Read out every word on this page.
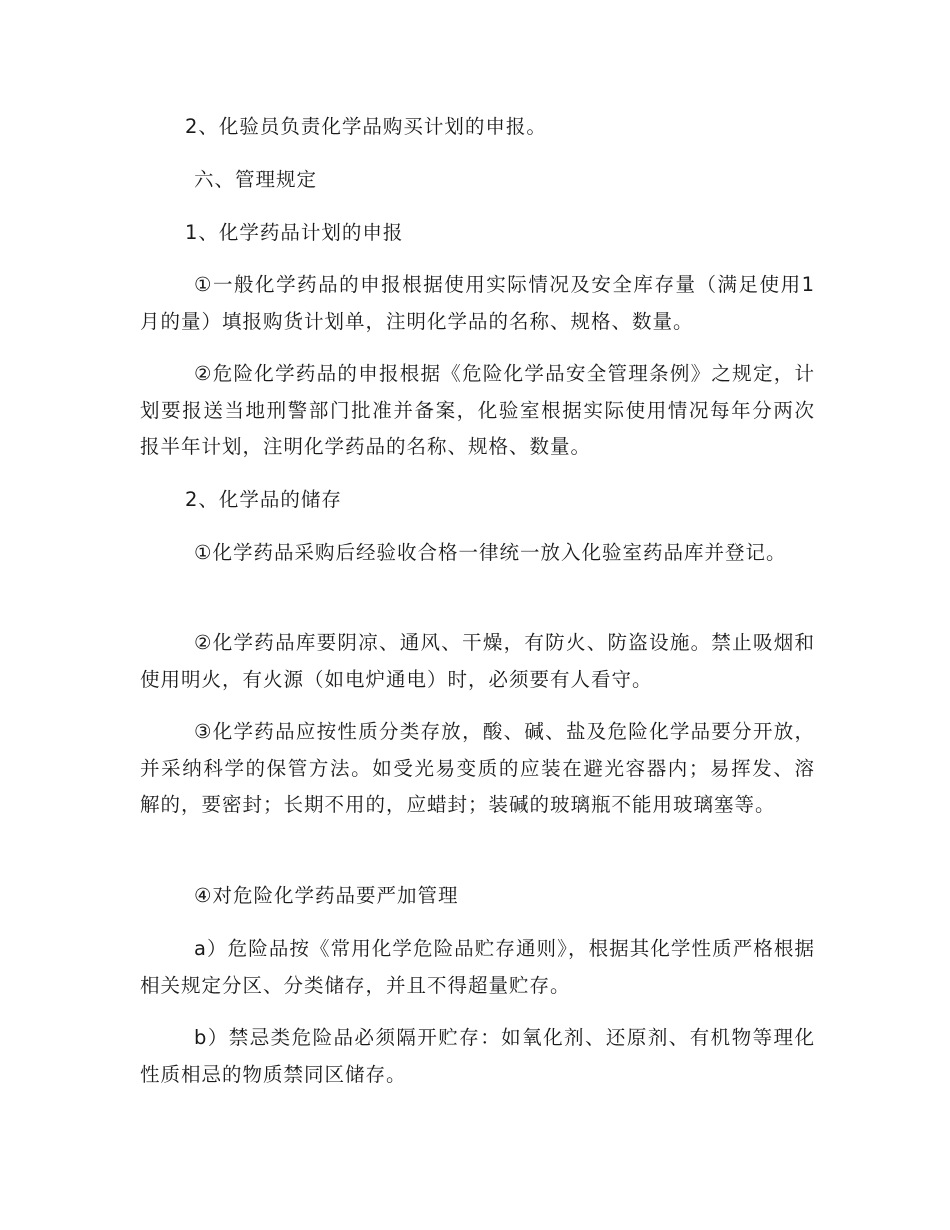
2、化验员负责化学品购买计划的申报。

六、管理规定

1、化学药品计划的申报

①一般化学药品的申报根据使用实际情况及安全库存量（满足使用1月的量）填报购货计划单，注明化学品的名称、规格、数量。

②危险化学药品的申报根据《危险化学品安全管理条例》之规定，计划要报送当地刑警部门批准并备案，化验室根据实际使用情况每年分两次报半年计划，注明化学药品的名称、规格、数量。

2、化学品的储存

①化学药品采购后经验收合格一律统一放入化验室药品库并登记。

②化学药品库要阴凉、通风、干燥，有防火、防盗设施。禁止吸烟和使用明火，有火源（如电炉通电）时，必须要有人看守。

③化学药品应按性质分类存放，酸、碱、盐及危险化学品要分开放，并采纳科学的保管方法。如受光易变质的应装在避光容器内；易挥发、溶解的，要密封；长期不用的，应蜡封；装碱的玻璃瓶不能用玻璃塞等。

④对危险化学药品要严加管理

a）危险品按《常用化学危险品贮存通则》，根据其化学性质严格根据相关规定分区、分类储存，并且不得超量贮存。

b）禁忌类危险品必须隔开贮存：如氧化剂、还原剂、有机物等理化性质相忌的物质禁同区储存。
